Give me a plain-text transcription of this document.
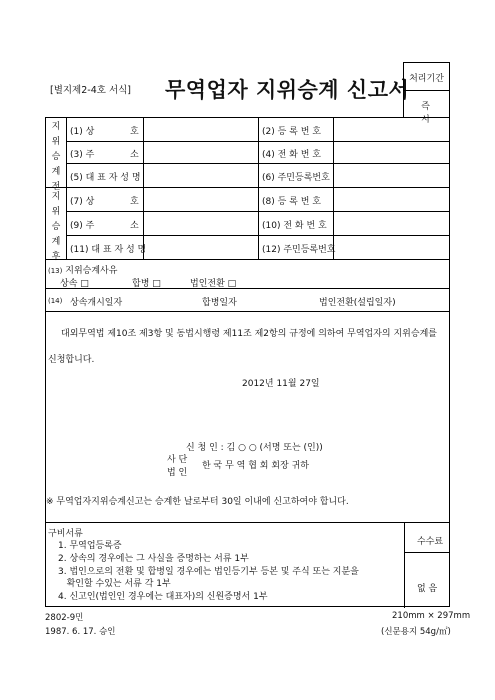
[별지제2-4호 서식] 무역업자 지위승계 신고서 처리기간
즉 시
지
위
승
계
전
(1) 상	호	(2) 등 록 번 호
(3) 주	소	(4) 전 화 번 호
(5) 대 표 자 성 명	(6) 주민등록번호
지
위
승
계
후
(7) 상	호	(8) 등 록 번 호
(9) 주	소	(10) 전 화 번 호
(11) 대 표 자 성 명	(12) 주민등록번호
(13) 지위승계사유
상속 □	합병 □	법인전환 □
(14) 상속개시일자	합병일자	법인전환(설립일자)
대외무역법 제10조 제3항 및 동법시행령 제11조 제2항의 규정에 의하여 무역업자의 지위승계를
신청합니다.
2012년 11월 27일
신 청 인 : 김 ○ ○ (서명 또는 (인))
사 단
법 인
한 국 무 역 협 회 회장 귀하
※ 무역업자지위승계신고는 승계한 날로부터 30일 이내에 신고하여야 합니다.
구비서류
1. 무역업등록증
2. 상속의 경우에는 그 사실을 증명하는 서류 1부
3. 법인으로의 전환 및 합병일 경우에는 법인등기부 등본 및 주식 또는 지분을
확인할 수있는 서류 각 1부
4. 신고인(법인인 경우에는 대표자)의 신원증명서 1부
수수료
없 음
2802-9민
1987. 6. 17. 승인
210mm × 297mm
(신문용지 54g/㎡)
